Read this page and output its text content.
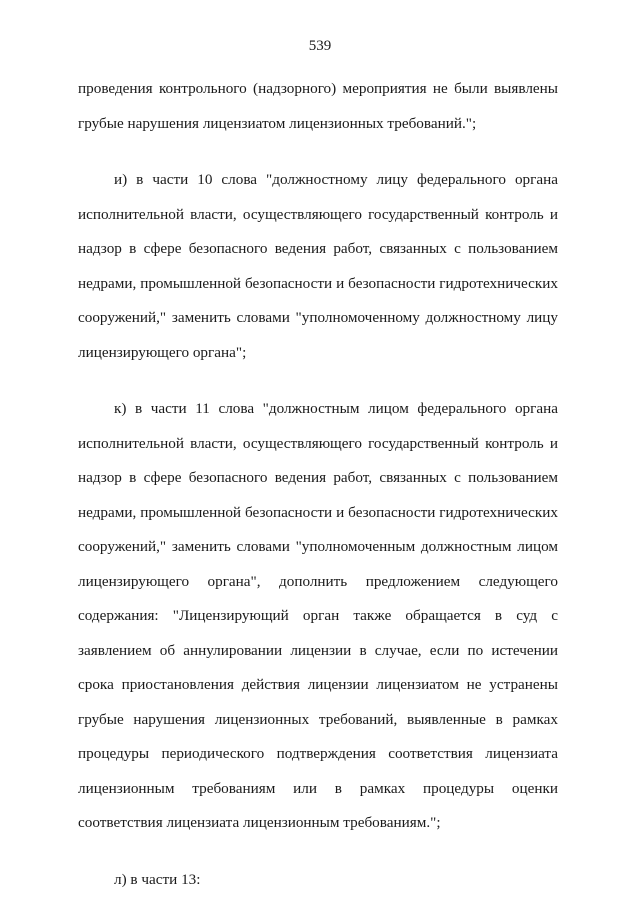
539

проведения контрольного (надзорного) мероприятия не были выявлены грубые нарушения лицензиатом лицензионных требований.";

и) в части 10 слова "должностному лицу федерального органа исполнительной власти, осуществляющего государственный контроль и надзор в сфере безопасного ведения работ, связанных с пользованием недрами, промышленной безопасности и безопасности гидротехнических сооружений," заменить словами "уполномоченному должностному лицу лицензирующего органа";

к) в части 11 слова "должностным лицом федерального органа исполнительной власти, осуществляющего государственный контроль и надзор в сфере безопасного ведения работ, связанных с пользованием недрами, промышленной безопасности и безопасности гидротехнических сооружений," заменить словами "уполномоченным должностным лицом лицензирующего органа", дополнить предложением следующего содержания: "Лицензирующий орган также обращается в суд с заявлением об аннулировании лицензии в случае, если по истечении срока приостановления действия лицензии лицензиатом не устранены грубые нарушения лицензионных требований, выявленные в рамках процедуры периодического подтверждения соответствия лицензиата лицензионным требованиям или в рамках процедуры оценки соответствия лицензиата лицензионным требованиям.";

л) в части 13:
